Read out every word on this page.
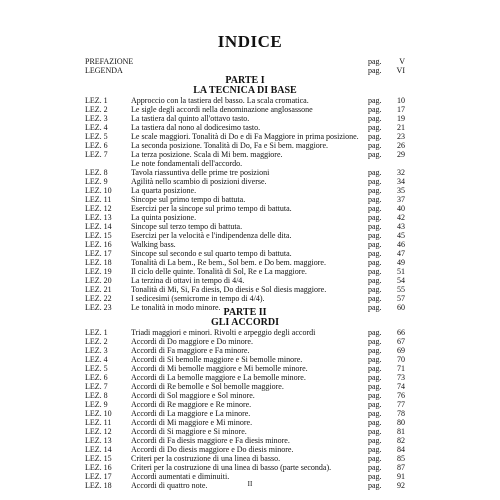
INDICE
PREFAZIONE	pag.	V
LEGENDA	pag.	VI
PARTE I
LA TECNICA DI BASE
LEZ. 1	Approccio con la tastiera del basso. La scala cromatica.	pag.	10
LEZ. 2	Le sigle degli accordi nella denominazione anglosassone	pag.	17
LEZ. 3	La tastiera dal quinto all'ottavo tasto.	pag.	19
LEZ. 4	La tastiera dal nono al dodicesimo tasto.	pag.	21
LEZ. 5	Le scale maggiori. Tonalità di Do e di Fa Maggiore in prima posizione. pag.	23
LEZ. 6	La seconda posizione. Tonalità di Do, Fa e Si bem. maggiore.	pag.	26
LEZ. 7	La terza posizione. Scala di Mi bem. maggiore.	pag.	29
Le note fondamentali dell'accordo.
LEZ. 8	Tavola riassuntiva delle prime tre posizioni	pag.	32
LEZ. 9	Agilità nello scambio di posizioni diverse.	pag.	34
LEZ. 10 La quarta posizione.	pag.	35
LEZ. 11 Sincope sul primo tempo di battuta.	pag.	37
LEZ. 12 Esercizi per la sincope sul primo tempo di battuta.	pag.	40
LEZ. 13 La quinta posizione.	pag.	42
LEZ. 14 Sincope sul terzo tempo di battuta.	pag.	43
LEZ. 15 Esercizi per la velocità e l'indipendenza delle dita.	pag.	45
LEZ. 16 Walking bass.	pag.	46
LEZ. 17 Sincope sul secondo e sul quarto tempo di battuta.	pag.	47
LEZ. 18 Tonalità di La bem., Re bem., Sol bem. e Do bem. maggiore.	pag.	49
LEZ. 19 Il ciclo delle quinte. Tonalità di Sol, Re e La maggiore.	pag.	51
LEZ. 20 La terzina di ottavi in tempo di 4/4.	pag.	54
LEZ. 21 Tonalità di Mi, Si, Fa diesis, Do diesis e Sol diesis maggiore.	pag.	55
LEZ. 22 I sedicesimi (semicrome in tempo di 4/4).	pag.	57
LEZ. 23 Le tonalità in modo minore.	pag.	60
PARTE II
GLI ACCORDI
LEZ. 1	Triadi maggiori e minori. Rivolti e arpeggio degli accordi	pag.	66
LEZ. 2	Accordi di Do maggiore e Do minore.	pag.	67
LEZ. 3	Accordi di Fa maggiore e Fa minore.	pag.	69
LEZ. 4	Accordi di Si bemolle maggiore e Si bemolle minore.	pag.	70
LEZ. 5	Accordi di Mi bemolle maggiore e Mi bemolle minore.	pag.	71
LEZ. 6	Accordi di La bemolle maggiore e La bemolle minore.	pag.	73
LEZ. 7	Accordi di Re bemolle e Sol bemolle maggiore.	pag.	74
LEZ. 8	Accordi di Sol maggiore e Sol minore.	pag.	76
LEZ. 9	Accordi di Re maggiore e Re minore.	pag.	77
LEZ. 10 Accordi di La maggiore e La minore.	pag.	78
LEZ. 11 Accordi di Mi maggiore e Mi minore.	pag.	80
LEZ. 12 Accordi di Si maggiore e Si minore.	pag.	81
LEZ. 13 Accordi di Fa diesis maggiore e Fa diesis minore.	pag.	82
LEZ. 14 Accordi di Do diesis maggiore e Do diesis minore.	pag.	84
LEZ. 15 Criteri per la costruzione di una linea di basso.	pag.	85
LEZ. 16 Criteri per la costruzione di una linea di basso (parte seconda).	pag.	87
LEZ. 17 Accordi aumentati e diminuiti.	pag.	91
LEZ. 18 Accordi di quattro note.	pag.	92
II
